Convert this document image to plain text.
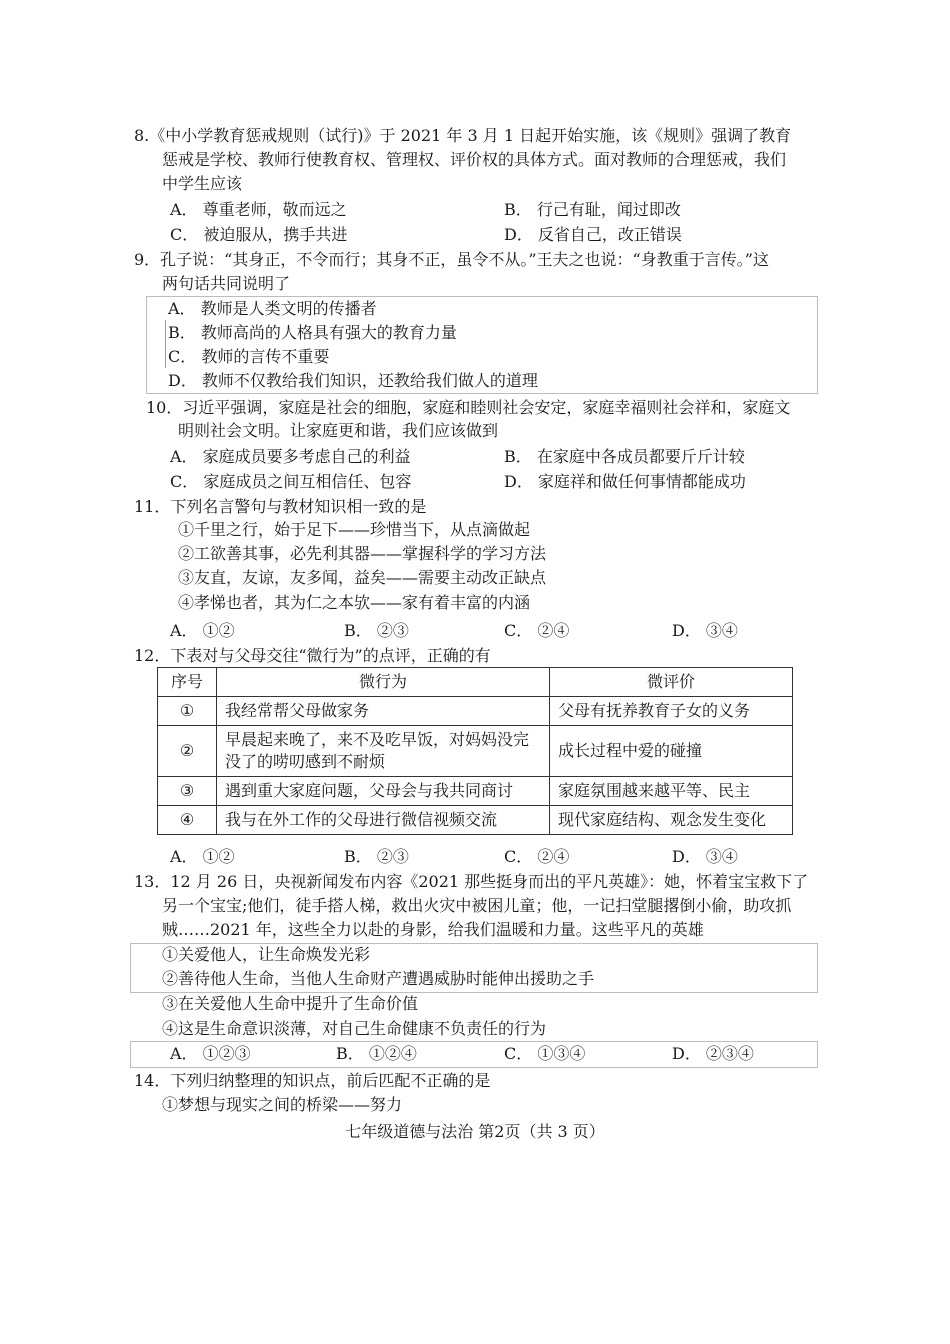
8.《中小学教育惩戒规则（试行)》于 2021 年 3 月 1 日起开始实施，该《规则》强调了教育
惩戒是学校、教师行使教育权、管理权、评价权的具体方式。面对教师的合理惩戒，我们
中学生应该
A． 尊重老师，敬而远之	B． 行己有耻，闻过即改
C． 被迫服从，携手共进	D． 反省自己，改正错误
9．孔子说：“其身正，不令而行；其身不正，虽令不从。”王夫之也说：“身教重于言传。”这
两句话共同说明了
A． 教师是人类文明的传播者
B． 教师高尚的人格具有强大的教育力量
C． 教师的言传不重要
D． 教师不仅教给我们知识，还教给我们做人的道理
10．习近平强调，家庭是社会的细胞，家庭和睦则社会安定，家庭幸福则社会祥和，家庭文
明则社会文明。让家庭更和谐，我们应该做到
A． 家庭成员要多考虑自己的利益	B． 在家庭中各成员都要斤斤计较
C． 家庭成员之间互相信任、包容	D． 家庭祥和做任何事情都能成功
11．下列名言警句与教材知识相一致的是
①千里之行，始于足下——珍惜当下，从点滴做起
②工欲善其事，必先利其器——掌握科学的学习方法
③友直，友谅，友多闻，益矣——需要主动改正缺点
④孝悌也者，其为仁之本欤——家有着丰富的内涵
A． ①②	B． ②③	C． ②④	D． ③④
12．下表对与父母交往“微行为”的点评，正确的有
序号	微行为	微评价
①	我经常帮父母做家务	父母有抚养教育子女的义务
②	早晨起来晚了，来不及吃早饭，对妈妈没完没了的唠叨感到不耐烦	成长过程中爱的碰撞
③	遇到重大家庭问题，父母会与我共同商讨	家庭氛围越来越平等、民主
④	我与在外工作的父母进行微信视频交流	现代家庭结构、观念发生变化
A． ①②	B． ②③	C． ②④	D． ③④
13．12 月 26 日，央视新闻发布内容《2021 那些挺身而出的平凡英雄》：她，怀着宝宝救下了
另一个宝宝;他们，徒手搭人梯，救出火灾中被困儿童；他，一记扫堂腿撂倒小偷，助攻抓
贼……2021 年，这些全力以赴的身影，给我们温暖和力量。这些平凡的英雄
①关爱他人，让生命焕发光彩
②善待他人生命，当他人生命财产遭遇威胁时能伸出援助之手
③在关爱他人生命中提升了生命价值
④这是生命意识淡薄，对自己生命健康不负责任的行为
A． ①②③	B． ①②④	C． ①③④	D． ②③④
14．下列归纳整理的知识点，前后匹配不正确的是
①梦想与现实之间的桥梁——努力
七年级道德与法治 第2页（共 3 页）
